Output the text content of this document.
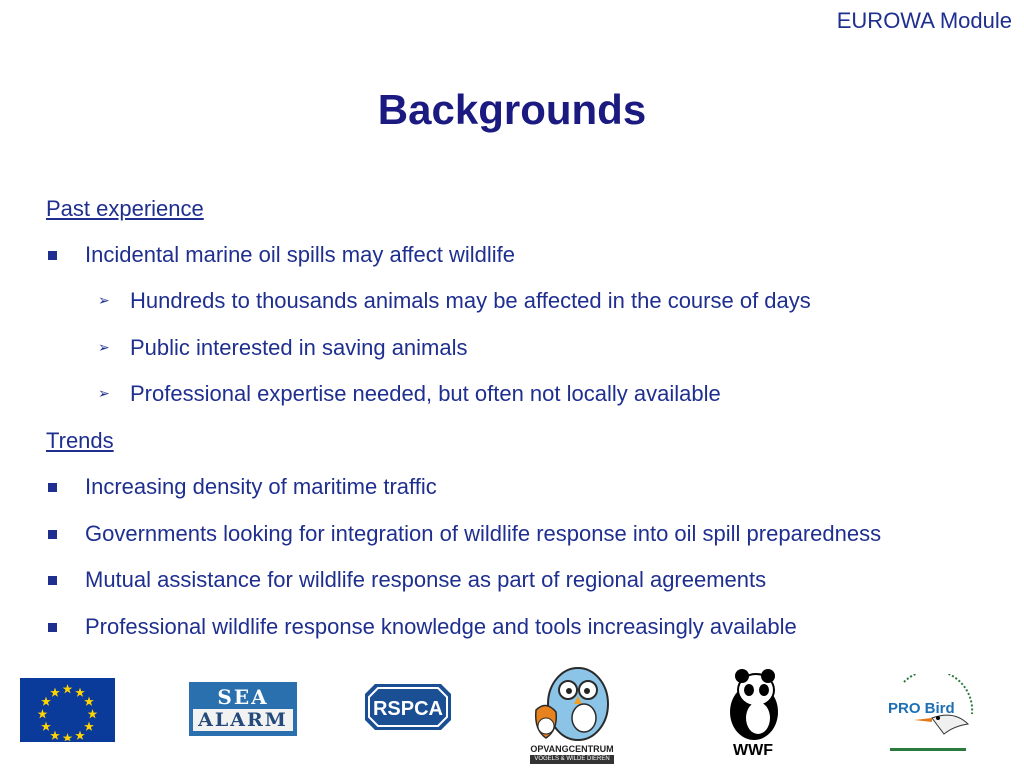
EUROWA Module
Backgrounds
Past experience
Incidental marine oil spills may affect wildlife
➢ Hundreds to thousands animals may be affected in the course of days
➢ Public interested in saving animals
➢ Professional expertise needed, but often not locally available
Trends
Increasing density of maritime traffic
Governments looking for integration of wildlife response into oil spill preparedness
Mutual assistance for wildlife response as part of regional agreements
Professional wildlife response knowledge and tools increasingly available
SEA
ALARM	RSPCA
OPVANGCENTRUM
VOGELS & WILDE DIEREN	WWF
PRO Bird
